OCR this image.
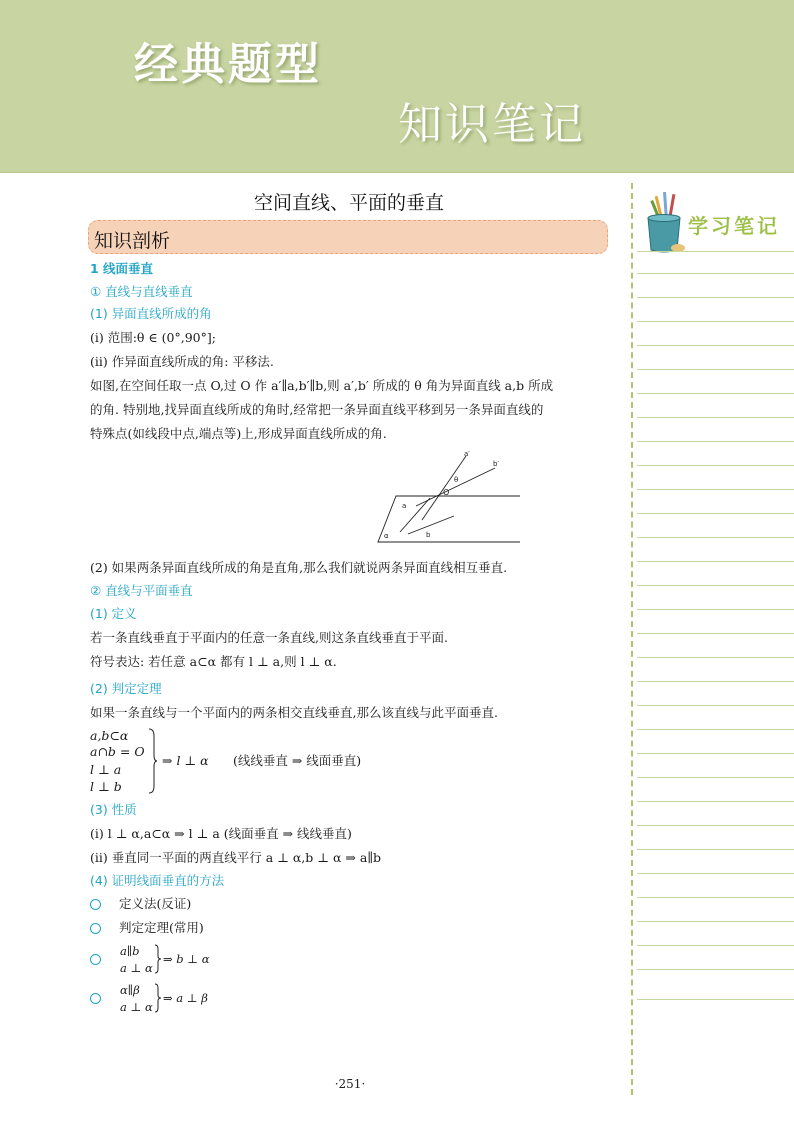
经典题型
知识笔记
空间直线、平面的垂直
知识剖析
1 线面垂直
① 直线与直线垂直
(1) 异面直线所成的角
(i) 范围:θ ∈ (0°,90°];
(ii) 作异面直线所成的角: 平移法.
如图,在空间任取一点 O,过 O 作 a′∥a,b′∥b,则 a′,b′ 所成的 θ 角为异面直线 a,b 所成
的角. 特别地,找异面直线所成的角时,经常把一条异面直线平移到另一条异面直线的
特殊点(如线段中点,端点等)上,形成异面直线所成的角.
a′
b′
θ
O
a
b
α
(2) 如果两条异面直线所成的角是直角,那么我们就说两条异面直线相互垂直.
② 直线与平面垂直
(1) 定义
若一条直线垂直于平面内的任意一条直线,则这条直线垂直于平面.
符号表达: 若任意 a⊂α 都有 l ⊥ a,则 l ⊥ α.
(2) 判定定理
如果一条直线与一个平面内的两条相交直线垂直,那么该直线与此平面垂直.
a,b⊂α
a∩b = O
l ⊥ a
l ⊥ b
⇒ l ⊥ α (线线垂直 ⇒ 线面垂直)
(3) 性质
(i) l ⊥ α,a⊂α ⇒ l ⊥ a (线面垂直 ⇒ 线线垂直)
(ii) 垂直同一平面的两直线平行 a ⊥ α,b ⊥ α ⇒ a∥b
(4) 证明线面垂直的方法
定义法(反证)
判定定理(常用)
a∥b
a ⊥ α
⇒ b ⊥ α
α∥β
a ⊥ α
⇒ a ⊥ β
学习笔记
·251·
